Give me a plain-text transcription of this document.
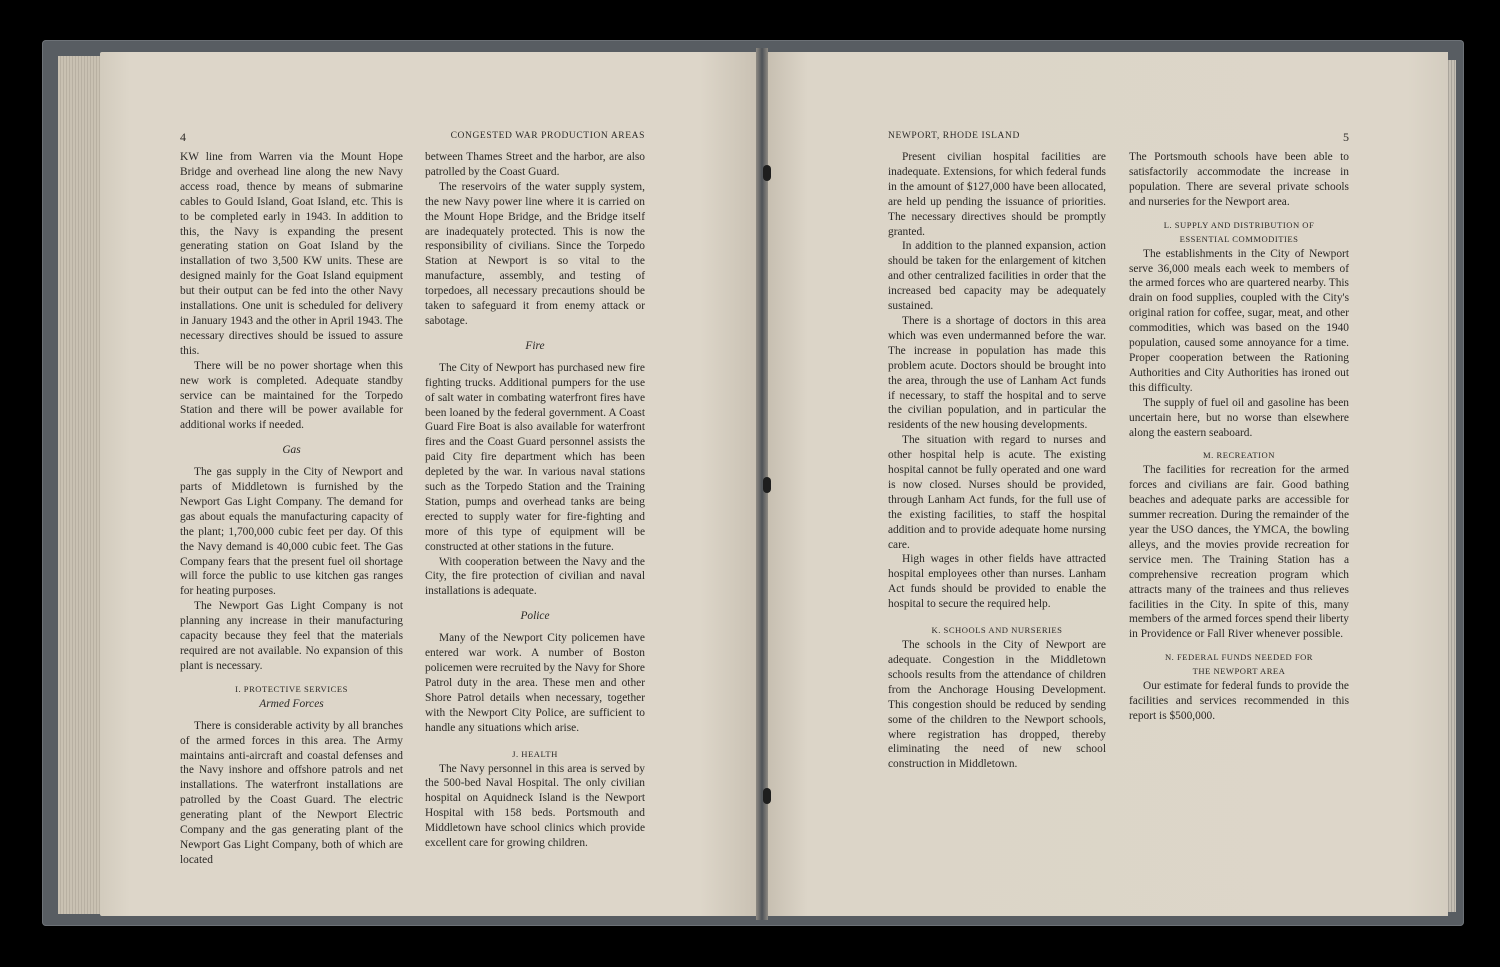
4	CONGESTED WAR PRODUCTION AREAS

KW line from Warren via the Mount Hope Bridge and overhead line along the new Navy access road, thence by means of submarine cables to Gould Island, Goat Island, etc. This is to be completed early in 1943. In addition to this, the Navy is expanding the present generating station on Goat Island by the installation of two 3,500 KW units. These are designed mainly for the Goat Island equipment but their output can be fed into the other Navy installations. One unit is scheduled for delivery in January 1943 and the other in April 1943. The necessary directives should be issued to assure this.

There will be no power shortage when this new work is completed. Adequate standby service can be maintained for the Torpedo Station and there will be power available for additional works if needed.

Gas

The gas supply in the City of Newport and parts of Middletown is furnished by the Newport Gas Light Company. The demand for gas about equals the manufacturing capacity of the plant; 1,700,000 cubic feet per day. Of this the Navy demand is 40,000 cubic feet. The Gas Company fears that the present fuel oil shortage will force the public to use kitchen gas ranges for heating purposes.

The Newport Gas Light Company is not planning any increase in their manufacturing capacity because they feel that the materials required are not available. No expansion of this plant is necessary.

I. PROTECTIVE SERVICES
Armed Forces

There is considerable activity by all branches of the armed forces in this area. The Army maintains anti-aircraft and coastal defenses and the Navy inshore and offshore patrols and net installations. The waterfront installations are patrolled by the Coast Guard. The electric generating plant of the Newport Electric Company and the gas generating plant of the Newport Gas Light Company, both of which are located

between Thames Street and the harbor, are also patrolled by the Coast Guard.

The reservoirs of the water supply system, the new Navy power line where it is carried on the Mount Hope Bridge, and the Bridge itself are inadequately protected. This is now the responsibility of civilians. Since the Torpedo Station at Newport is so vital to the manufacture, assembly, and testing of torpedoes, all necessary precautions should be taken to safeguard it from enemy attack or sabotage.

Fire

The City of Newport has purchased new fire fighting trucks. Additional pumpers for the use of salt water in combating waterfront fires have been loaned by the federal government. A Coast Guard Fire Boat is also available for waterfront fires and the Coast Guard personnel assists the paid City fire department which has been depleted by the war. In various naval stations such as the Torpedo Station and the Training Station, pumps and overhead tanks are being erected to supply water for fire-fighting and more of this type of equipment will be constructed at other stations in the future.

With cooperation between the Navy and the City, the fire protection of civilian and naval installations is adequate.

Police

Many of the Newport City policemen have entered war work. A number of Boston policemen were recruited by the Navy for Shore Patrol duty in the area. These men and other Shore Patrol details when necessary, together with the Newport City Police, are sufficient to handle any situations which arise.

J. HEALTH

The Navy personnel in this area is served by the 500-bed Naval Hospital. The only civilian hospital on Aquidneck Island is the Newport Hospital with 158 beds. Portsmouth and Middletown have school clinics which provide excellent care for growing children.

NEWPORT, RHODE ISLAND	5

Present civilian hospital facilities are inadequate. Extensions, for which federal funds in the amount of $127,000 have been allocated, are held up pending the issuance of priorities. The necessary directives should be promptly granted.

In addition to the planned expansion, action should be taken for the enlargement of kitchen and other centralized facilities in order that the increased bed capacity may be adequately sustained.

There is a shortage of doctors in this area which was even undermanned before the war. The increase in population has made this problem acute. Doctors should be brought into the area, through the use of Lanham Act funds if necessary, to staff the hospital and to serve the civilian population, and in particular the residents of the new housing developments.

The situation with regard to nurses and other hospital help is acute. The existing hospital cannot be fully operated and one ward is now closed. Nurses should be provided, through Lanham Act funds, for the full use of the existing facilities, to staff the hospital addition and to provide adequate home nursing care.

High wages in other fields have attracted hospital employees other than nurses. Lanham Act funds should be provided to enable the hospital to secure the required help.

K. SCHOOLS AND NURSERIES

The schools in the City of Newport are adequate. Congestion in the Middletown schools results from the attendance of children from the Anchorage Housing Development. This congestion should be reduced by sending some of the children to the Newport schools, where registration has dropped, thereby eliminating the need of new school construction in Middletown.

The Portsmouth schools have been able to satisfactorily accommodate the increase in population. There are several private schools and nurseries for the Newport area.

L. SUPPLY AND DISTRIBUTION OF
ESSENTIAL COMMODITIES

The establishments in the City of Newport serve 36,000 meals each week to members of the armed forces who are quartered nearby. This drain on food supplies, coupled with the City's original ration for coffee, sugar, meat, and other commodities, which was based on the 1940 population, caused some annoyance for a time. Proper cooperation between the Rationing Authorities and City Authorities has ironed out this difficulty.

The supply of fuel oil and gasoline has been uncertain here, but no worse than elsewhere along the eastern seaboard.

M. RECREATION

The facilities for recreation for the armed forces and civilians are fair. Good bathing beaches and adequate parks are accessible for summer recreation. During the remainder of the year the USO dances, the YMCA, the bowling alleys, and the movies provide recreation for service men. The Training Station has a comprehensive recreation program which attracts many of the trainees and thus relieves facilities in the City. In spite of this, many members of the armed forces spend their liberty in Providence or Fall River whenever possible.

N. FEDERAL FUNDS NEEDED FOR
THE NEWPORT AREA

Our estimate for federal funds to provide the facilities and services recommended in this report is $500,000.
